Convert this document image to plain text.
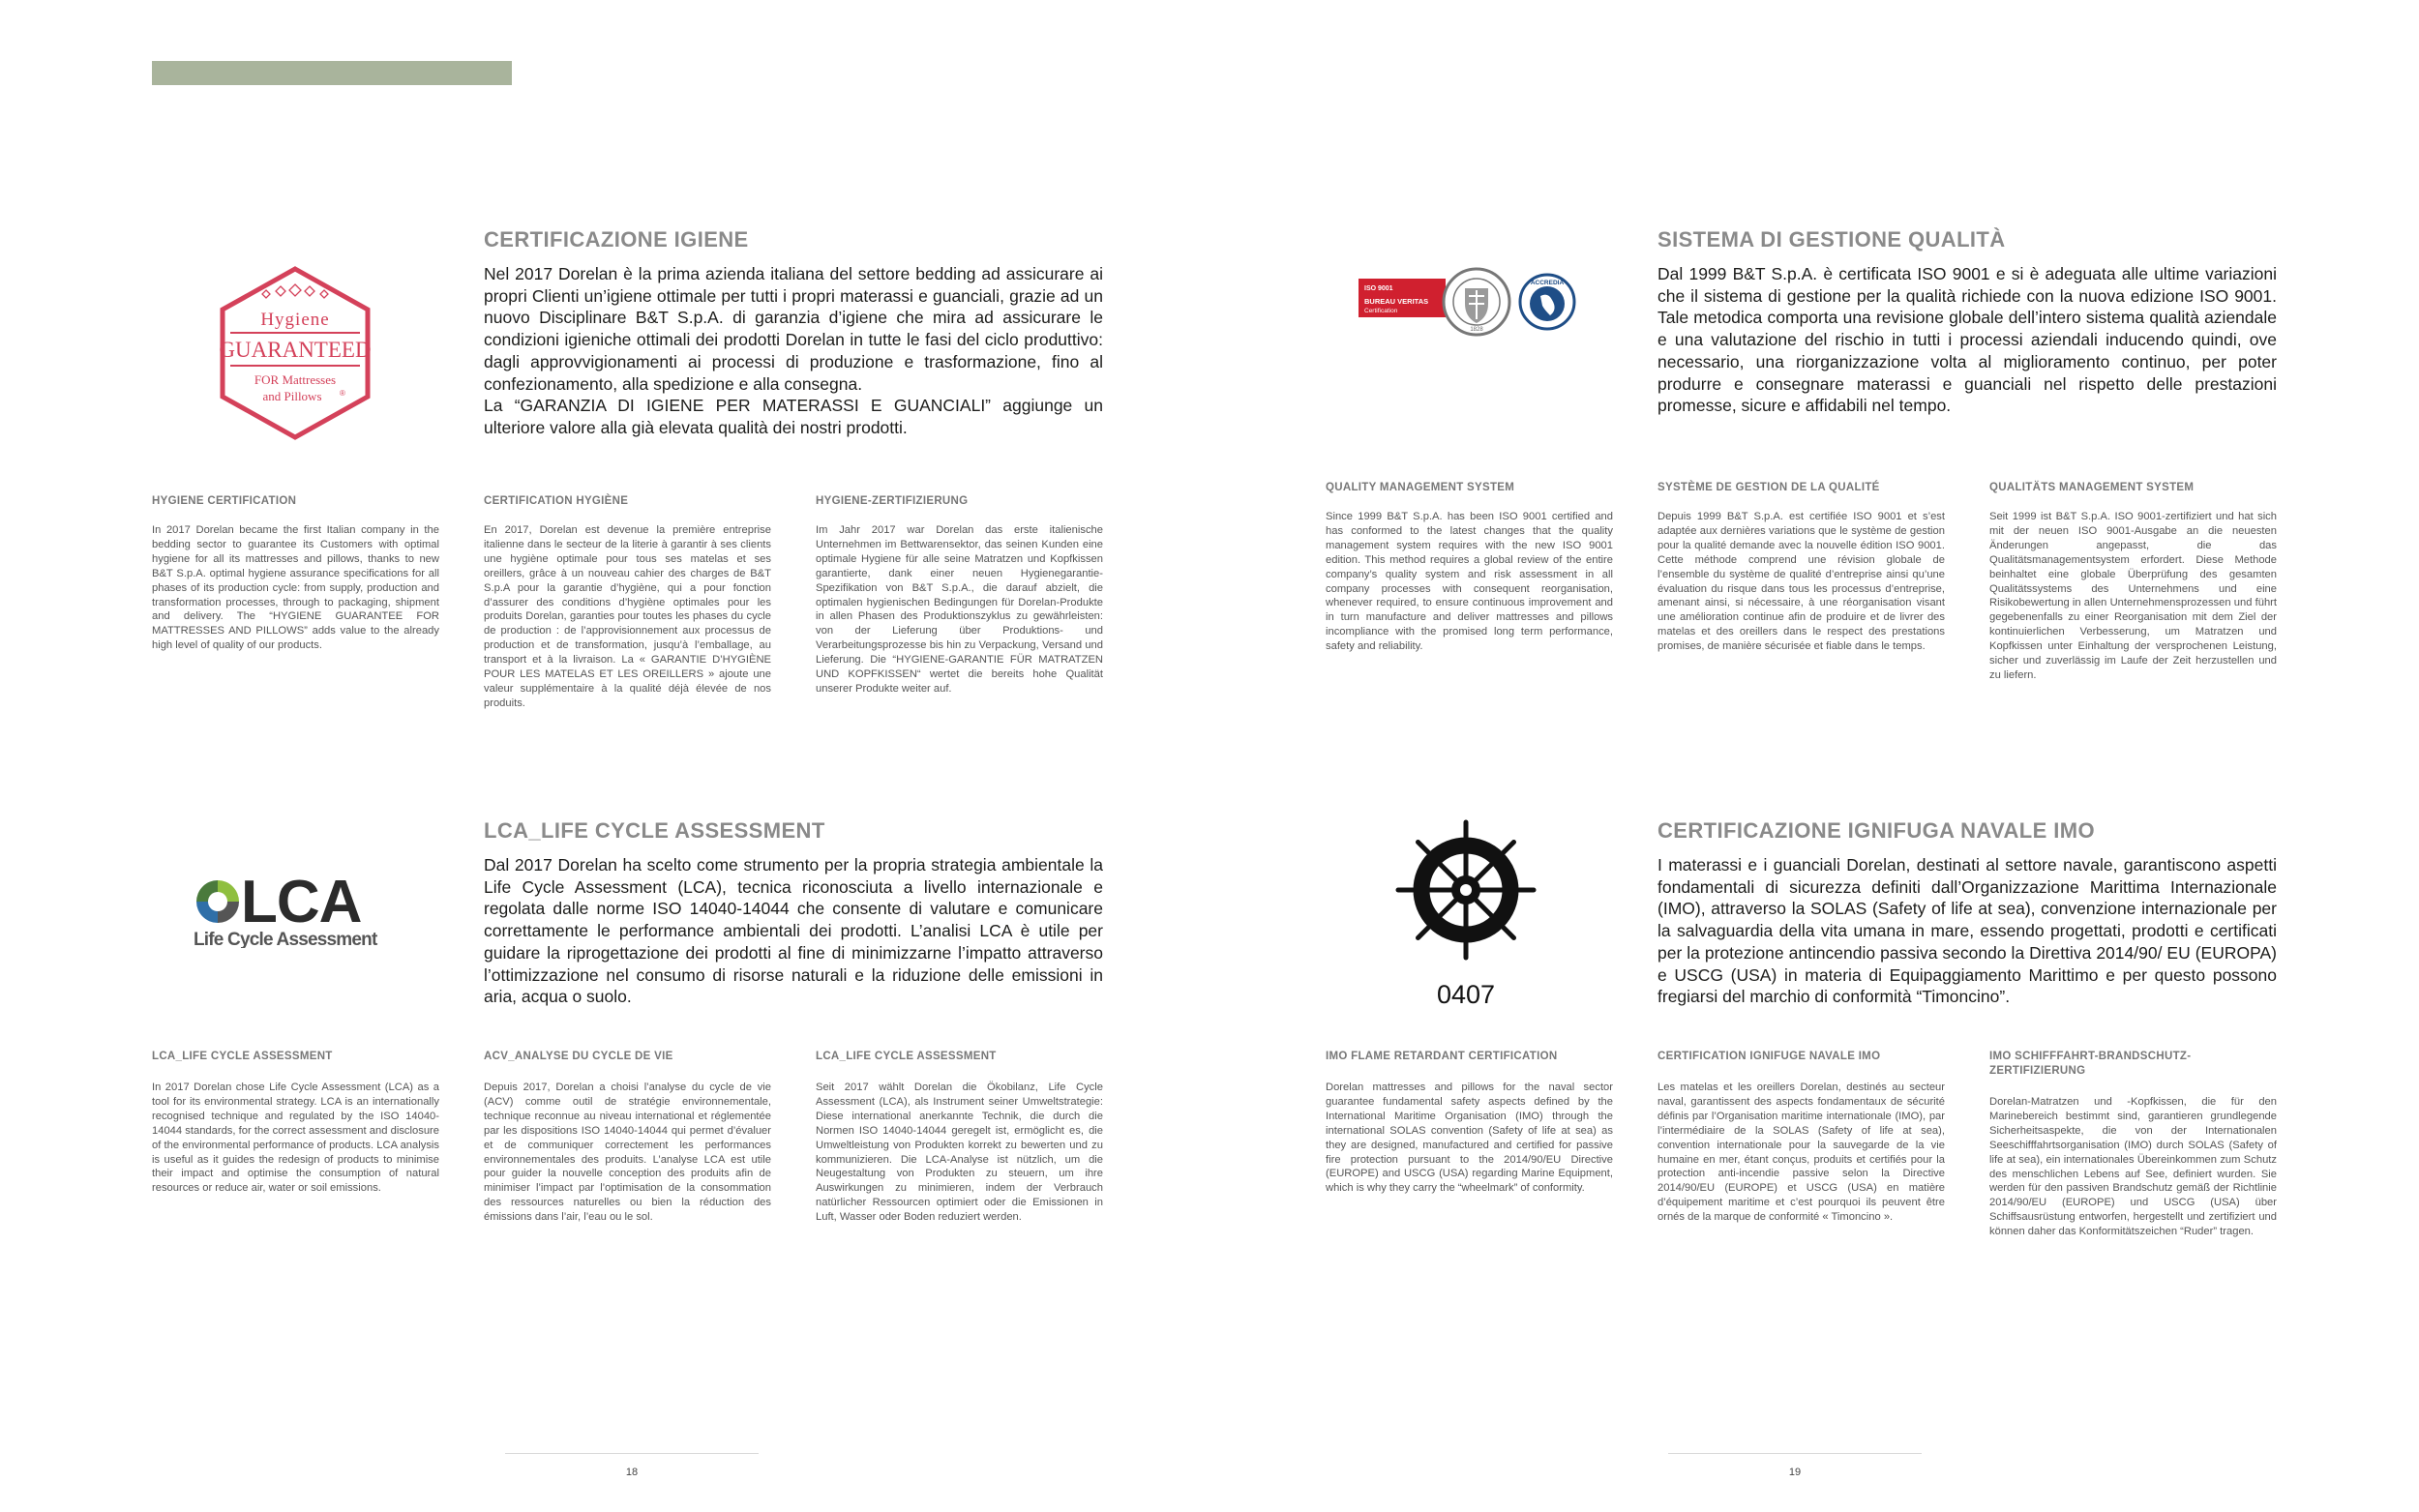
Hygiene
GUARANTEED
FOR Mattresses
and Pillows ®
CERTIFICAZIONE IGIENE
Nel 2017 Dorelan è la prima azienda italiana del settore bedding ad assicurare ai propri Clienti un’igiene ottimale per tutti i propri materassi e guanciali, grazie ad un nuovo Disciplinare B&T S.p.A. di garanzia d’igiene che mira ad assicurare le condizioni igieniche ottimali dei prodotti Dorelan in tutte le fasi del ciclo produttivo: dagli approvvigionamenti ai processi di produzione e trasformazione, fino al confezionamento, alla spedizione e alla consegna.
La “GARANZIA DI IGIENE PER MATERASSI E GUANCIALI” aggiunge un ulteriore valore alla già elevata qualità dei nostri prodotti.
HYGIENE CERTIFICATION
In 2017 Dorelan became the first Italian company in the bedding sector to guarantee its Customers with optimal hygiene for all its mattresses and pillows, thanks to new B&T S.p.A. optimal hygiene assurance specifications for all phases of its production cycle: from supply, production and transformation processes, through to packaging, shipment and delivery. The “HYGIENE GUARANTEE FOR MATTRESSES AND PILLOWS” adds value to the already high level of quality of our products.
CERTIFICATION HYGIÈNE
En 2017, Dorelan est devenue la première entreprise italienne dans le secteur de la literie à garantir à ses clients une hygiène optimale pour tous ses matelas et ses oreillers, grâce à un nouveau cahier des charges de B&T S.p.A pour la garantie d’hygiène, qui a pour fonction d’assurer des conditions d’hygiène optimales pour les produits Dorelan, garanties pour toutes les phases du cycle de production : de l’approvisionnement aux processus de production et de transformation, jusqu’à l’emballage, au transport et à la livraison. La « GARANTIE D’HYGIÈNE POUR LES MATELAS ET LES OREILLERS » ajoute une valeur supplémentaire à la qualité déjà élevée de nos produits.
HYGIENE-ZERTIFIZIERUNG
Im Jahr 2017 war Dorelan das erste italienische Unternehmen im Bettwarensektor, das seinen Kunden eine optimale Hygiene für alle seine Matratzen und Kopfkissen garantierte, dank einer neuen Hygienegarantie-Spezifikation von B&T S.p.A., die darauf abzielt, die optimalen hygienischen Bedingungen für Dorelan-Produkte in allen Phasen des Produktionszyklus zu gewährleisten: von der Lieferung über Produktions- und Verarbeitungsprozesse bis hin zu Verpackung, Versand und Lieferung. Die “HYGIENE-GARANTIE FÜR MATRATZEN UND KOPFKISSEN“ wertet die bereits hohe Qualität unserer Produkte weiter auf.
LCA
Life Cycle Assessment
LCA_LIFE CYCLE ASSESSMENT
Dal 2017 Dorelan ha scelto come strumento per la propria strategia ambientale la Life Cycle Assessment (LCA), tecnica riconosciuta a livello internazionale e regolata dalle norme ISO 14040-14044 che consente di valutare e comunicare correttamente le performance ambientali dei prodotti. L’analisi LCA è utile per guidare la riprogettazione dei prodotti al fine di minimizzarne l’impatto attraverso l’ottimizzazione nel consumo di risorse naturali e la riduzione delle emissioni in aria, acqua o suolo.
LCA_LIFE CYCLE ASSESSMENT
In 2017 Dorelan chose Life Cycle Assessment (LCA) as a tool for its environmental strategy. LCA is an internationally recognised technique and regulated by the ISO 14040-14044 standards, for the correct assessment and disclosure of the environmental performance of products. LCA analysis is useful as it guides the redesign of products to minimise their impact and optimise the consumption of natural resources or reduce air, water or soil emissions.
ACV_ANALYSE DU CYCLE DE VIE
Depuis 2017, Dorelan a choisi l’analyse du cycle de vie (ACV) comme outil de stratégie environnementale, technique reconnue au niveau international et réglementée par les dispositions ISO 14040-14044 qui permet d’évaluer et de communiquer correctement les performances environnementales des produits. L’analyse LCA est utile pour guider la nouvelle conception des produits afin de minimiser l’impact par l’optimisation de la consommation des ressources naturelles ou bien la réduction des émissions dans l’air, l’eau ou le sol.
LCA_LIFE CYCLE ASSESSMENT
Seit 2017 wählt Dorelan die Ökobilanz, Life Cycle Assessment (LCA), als Instrument seiner Umweltstrategie: Diese international anerkannte Technik, die durch die Normen ISO 14040-14044 geregelt ist, ermöglicht es, die Umweltleistung von Produkten korrekt zu bewerten und zu kommunizieren. Die LCA-Analyse ist nützlich, um die Neugestaltung von Produkten zu steuern, um ihre Auswirkungen zu minimieren, indem der Verbrauch natürlicher Ressourcen optimiert oder die Emissionen in Luft, Wasser oder Boden reduziert werden.
ISO 9001
BUREAU VERITAS
Certification
1828
ACCREDIA
SISTEMA DI GESTIONE QUALITÀ
Dal 1999 B&T S.p.A. è certificata ISO 9001 e si è adeguata alle ultime variazioni che il sistema di gestione per la qualità richiede con la nuova edizione ISO 9001. Tale metodica comporta una revisione globale dell’intero sistema qualità aziendale e una valutazione del rischio in tutti i processi aziendali inducendo quindi, ove necessario, una riorganizzazione volta al miglioramento continuo, per poter produrre e consegnare materassi e guanciali nel rispetto delle prestazioni promesse, sicure e affidabili nel tempo.
QUALITY MANAGEMENT SYSTEM
Since 1999 B&T S.p.A. has been ISO 9001 certified and has conformed to the latest changes that the quality management system requires with the new ISO 9001 edition. This method requires a global review of the entire company’s quality system and risk assessment in all company processes with consequent reorganisation, whenever required, to ensure continuous improvement and in turn manufacture and deliver mattresses and pillows incompliance with the promised long term performance, safety and reliability.
SYSTÈME DE GESTION DE LA QUALITÉ
Depuis 1999 B&T S.p.A. est certifiée ISO 9001 et s’est adaptée aux dernières variations que le système de gestion pour la qualité demande avec la nouvelle édition ISO 9001. Cette méthode comprend une révision globale de l’ensemble du système de qualité d’entreprise ainsi qu’une évaluation du risque dans tous les processus d’entreprise, amenant ainsi, si nécessaire, à une réorganisation visant une amélioration continue afin de produire et de livrer des matelas et des oreillers dans le respect des prestations promises, de manière sécurisée et fiable dans le temps.
QUALITÄTS MANAGEMENT SYSTEM
Seit 1999 ist B&T S.p.A. ISO 9001-zertifiziert und hat sich mit der neuen ISO 9001-Ausgabe an die neuesten Änderungen angepasst, die das Qualitätsmanagementsystem erfordert. Diese Methode beinhaltet eine globale Überprüfung des gesamten Qualitätssystems des Unternehmens und eine Risikobewertung in allen Unternehmensprozessen und führt gegebenenfalls zu einer Reorganisation mit dem Ziel der kontinuierlichen Verbesserung, um Matratzen und Kopfkissen unter Einhaltung der versprochenen Leistung, sicher und zuverlässig im Laufe der Zeit herzustellen und zu liefern.
0407
CERTIFICAZIONE IGNIFUGA NAVALE IMO
I materassi e i guanciali Dorelan, destinati al settore navale, garantiscono aspetti fondamentali di sicurezza definiti dall’Organizzazione Marittima Internazionale (IMO), attraverso la SOLAS (Safety of life at sea), convenzione internazionale per la salvaguardia della vita umana in mare, essendo progettati, prodotti e certificati per la protezione antincendio passiva secondo la Direttiva 2014/90/ EU (EUROPA) e USCG (USA) in materia di Equipaggiamento Marittimo e per questo possono fregiarsi del marchio di conformità “Timoncino”.
IMO FLAME RETARDANT CERTIFICATION
Dorelan mattresses and pillows for the naval sector guarantee fundamental safety aspects defined by the International Maritime Organisation (IMO) through the international SOLAS convention (Safety of life at sea) as they are designed, manufactured and certified for passive fire protection pursuant to the 2014/90/EU Directive (EUROPE) and USCG (USA) regarding Marine Equipment, which is why they carry the “wheelmark” of conformity.
CERTIFICATION IGNIFUGE NAVALE IMO
Les matelas et les oreillers Dorelan, destinés au secteur naval, garantissent des aspects fondamentaux de sécurité définis par l’Organisation maritime internationale (IMO), par l’intermédiaire de la SOLAS (Safety of life at sea), convention internationale pour la sauvegarde de la vie humaine en mer, étant conçus, produits et certifiés pour la protection anti-incendie passive selon la Directive 2014/90/EU (EUROPE) et USCG (USA) en matière d’équipement maritime et c’est pourquoi ils peuvent être ornés de la marque de conformité « Timoncino ».
IMO SCHIFFFAHRT-BRANDSCHUTZ-ZERTIFIZIERUNG
Dorelan-Matratzen und -Kopfkissen, die für den Marinebereich bestimmt sind, garantieren grundlegende Sicherheitsaspekte, die von der Internationalen Seeschifffahrtsorganisation (IMO) durch SOLAS (Safety of life at sea), ein internationales Übereinkommen zum Schutz des menschlichen Lebens auf See, definiert wurden. Sie werden für den passiven Brandschutz gemäß der Richtlinie 2014/90/EU (EUROPE) und USCG (USA) über Schiffsausrüstung entworfen, hergestellt und zertifiziert und können daher das Konformitätszeichen “Ruder” tragen.
18	19
